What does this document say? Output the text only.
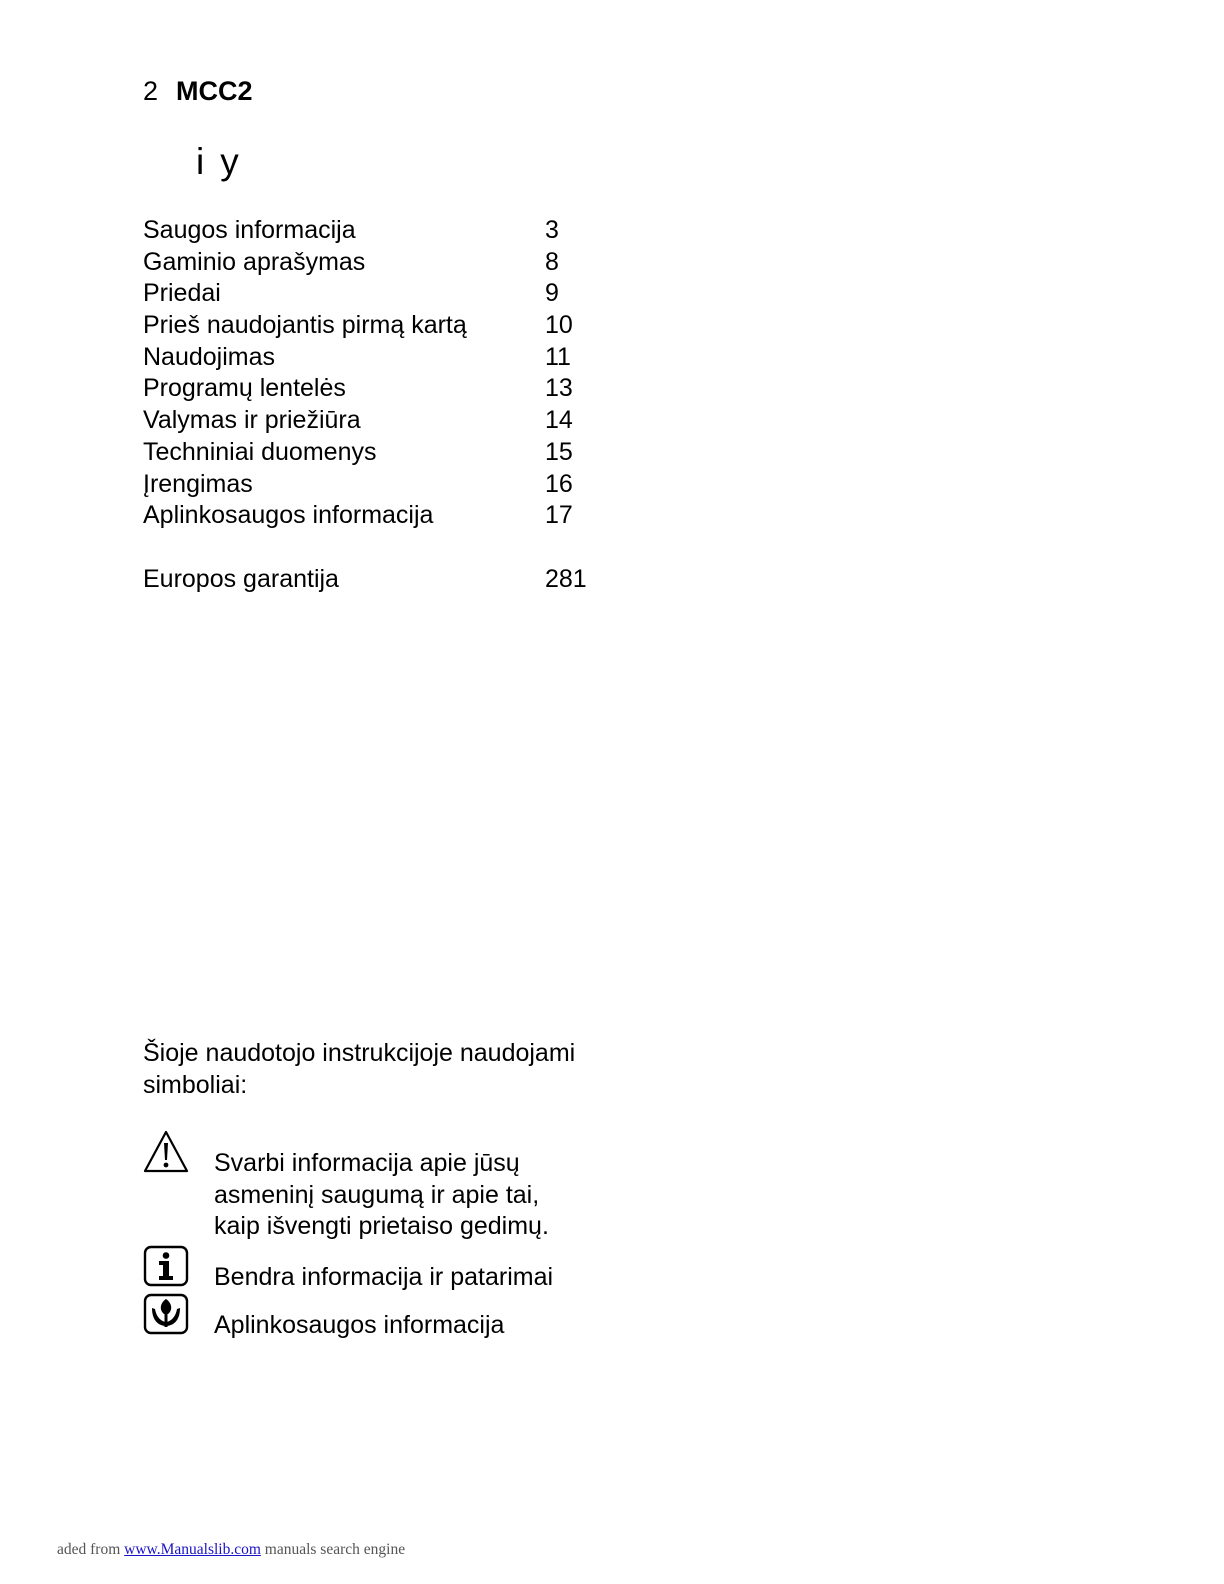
2 MCC2
i y
Saugos informacija	3
Gaminio aprašymas	8
Priedai	9
Prieš naudojantis pirmą kartą	10
Naudojimas	11
Programų lentelės	13
Valymas ir priežiūra	14
Techniniai duomenys	15
Įrengimas	16
Aplinkosaugos informacija	17
Europos garantija	281
Šioje naudotojo instrukcijoje naudojami simboliai:
Svarbi informacija apie jūsų
asmeninį saugumą ir apie tai,
kaip išvengti prietaiso gedimų.
Bendra informacija ir patarimai
Aplinkosaugos informacija
aded from www.Manualslib.com manuals search engine
